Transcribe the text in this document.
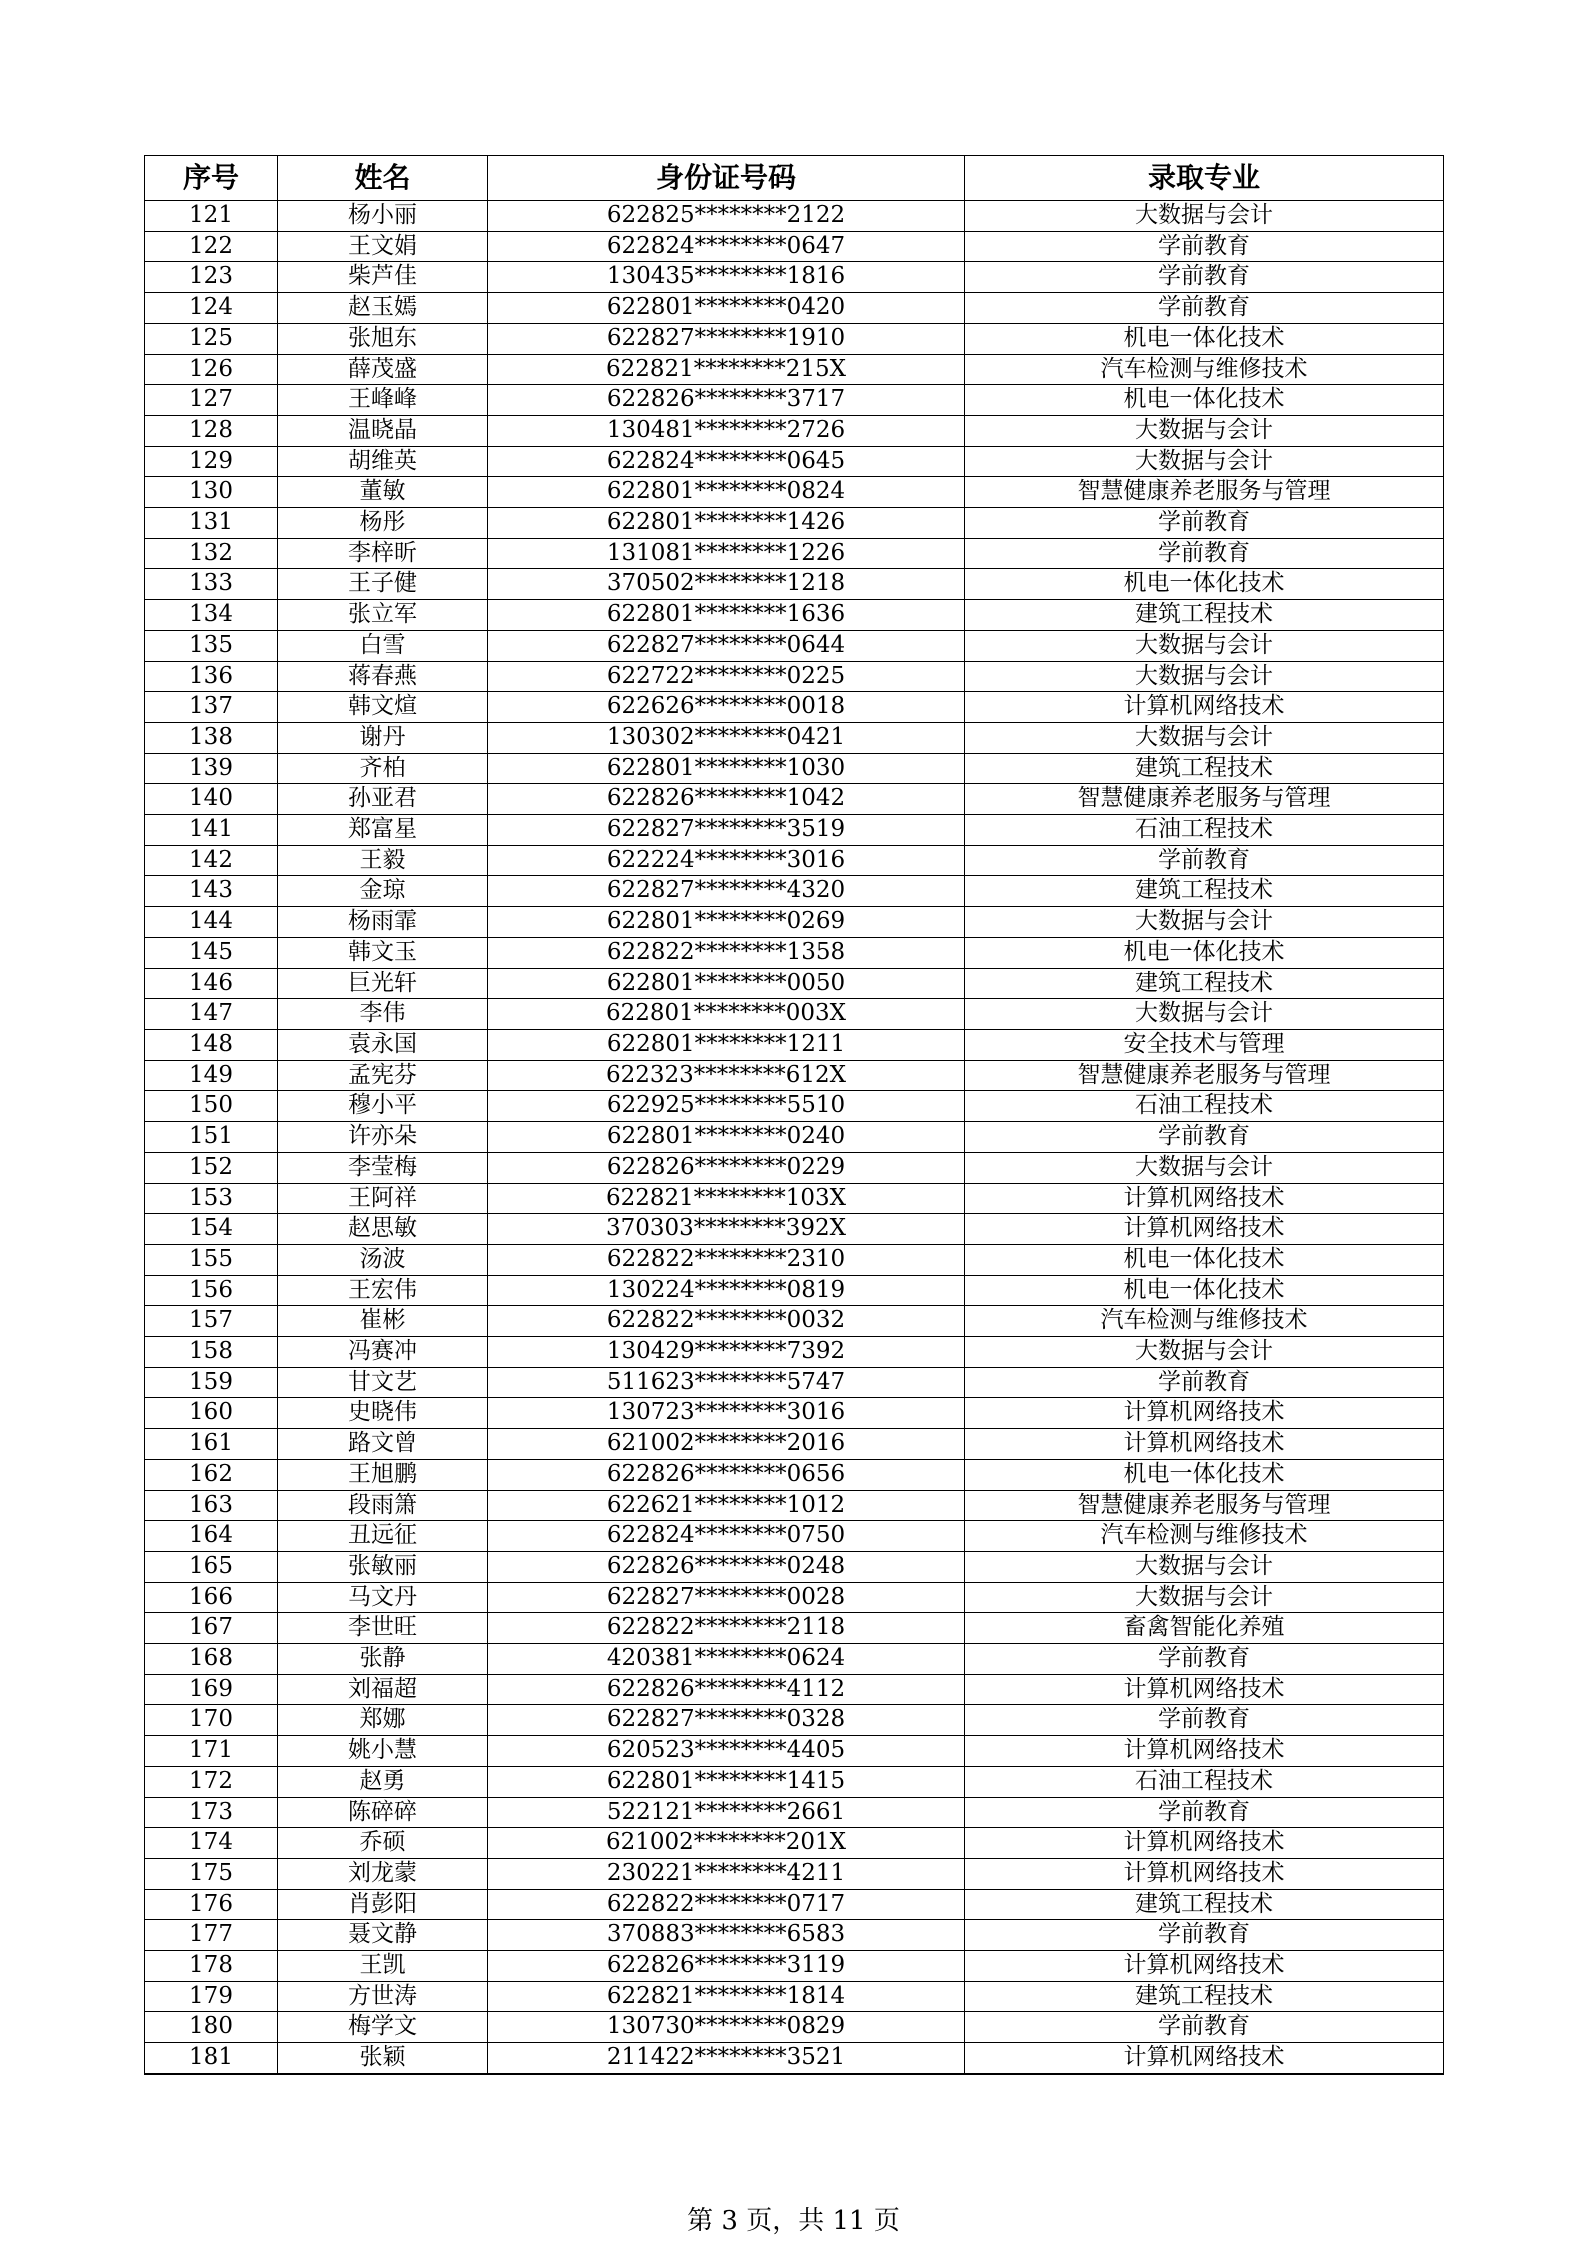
序号	姓名	身份证号码	录取专业
121	杨小丽	622825********2122	大数据与会计
122	王文娟	622824********0647	学前教育
123	柴芦佳	130435********1816	学前教育
124	赵玉嫣	622801********0420	学前教育
125	张旭东	622827********1910	机电一体化技术
126	薛茂盛	622821********215X	汽车检测与维修技术
127	王峰峰	622826********3717	机电一体化技术
128	温晓晶	130481********2726	大数据与会计
129	胡维英	622824********0645	大数据与会计
130	董敏	622801********0824	智慧健康养老服务与管理
131	杨彤	622801********1426	学前教育
132	李梓昕	131081********1226	学前教育
133	王子健	370502********1218	机电一体化技术
134	张立军	622801********1636	建筑工程技术
135	白雪	622827********0644	大数据与会计
136	蒋春燕	622722********0225	大数据与会计
137	韩文煊	622626********0018	计算机网络技术
138	谢丹	130302********0421	大数据与会计
139	齐柏	622801********1030	建筑工程技术
140	孙亚君	622826********1042	智慧健康养老服务与管理
141	郑富星	622827********3519	石油工程技术
142	王毅	622224********3016	学前教育
143	金琼	622827********4320	建筑工程技术
144	杨雨霏	622801********0269	大数据与会计
145	韩文玉	622822********1358	机电一体化技术
146	巨光轩	622801********0050	建筑工程技术
147	李伟	622801********003X	大数据与会计
148	袁永国	622801********1211	安全技术与管理
149	孟宪芬	622323********612X	智慧健康养老服务与管理
150	穆小平	622925********5510	石油工程技术
151	许亦朵	622801********0240	学前教育
152	李莹梅	622826********0229	大数据与会计
153	王阿祥	622821********103X	计算机网络技术
154	赵思敏	370303********392X	计算机网络技术
155	汤波	622822********2310	机电一体化技术
156	王宏伟	130224********0819	机电一体化技术
157	崔彬	622822********0032	汽车检测与维修技术
158	冯赛冲	130429********7392	大数据与会计
159	甘文艺	511623********5747	学前教育
160	史晓伟	130723********3016	计算机网络技术
161	路文曾	621002********2016	计算机网络技术
162	王旭鹏	622826********0656	机电一体化技术
163	段雨箫	622621********1012	智慧健康养老服务与管理
164	丑远征	622824********0750	汽车检测与维修技术
165	张敏丽	622826********0248	大数据与会计
166	马文丹	622827********0028	大数据与会计
167	李世旺	622822********2118	畜禽智能化养殖
168	张静	420381********0624	学前教育
169	刘福超	622826********4112	计算机网络技术
170	郑娜	622827********0328	学前教育
171	姚小慧	620523********4405	计算机网络技术
172	赵勇	622801********1415	石油工程技术
173	陈碎碎	522121********2661	学前教育
174	乔硕	621002********201X	计算机网络技术
175	刘龙蒙	230221********4211	计算机网络技术
176	肖彭阳	622822********0717	建筑工程技术
177	聂文静	370883********6583	学前教育
178	王凯	622826********3119	计算机网络技术
179	方世涛	622821********1814	建筑工程技术
180	梅学文	130730********0829	学前教育
181	张颖	211422********3521	计算机网络技术
第 3 页，共 11 页
